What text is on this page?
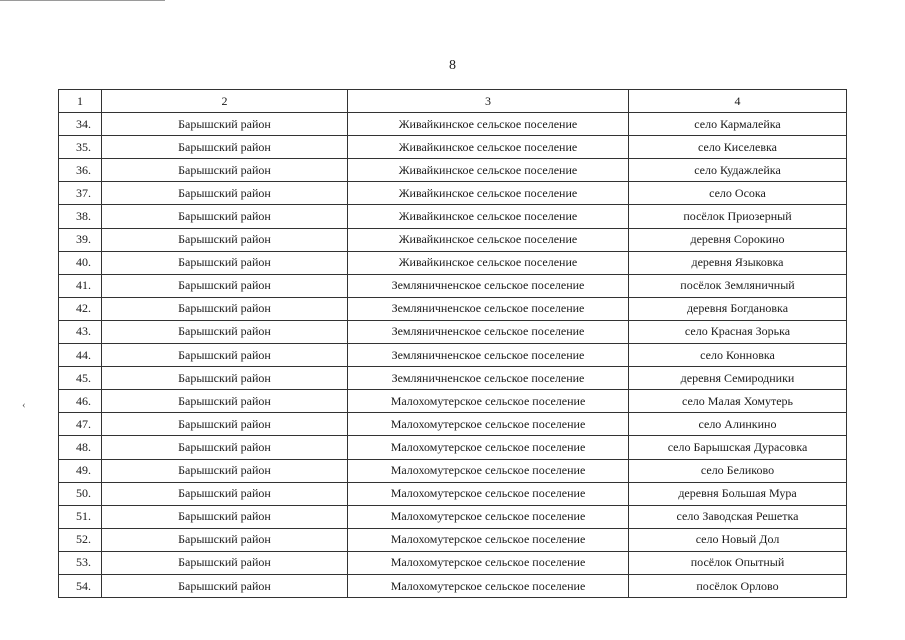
‹
8
1	2	3	4
34.	Барышский район	Живайкинское сельское поселение	село Кармалейка
35.	Барышский район	Живайкинское сельское поселение	село Киселевка
36.	Барышский район	Живайкинское сельское поселение	село Кудажлейка
37.	Барышский район	Живайкинское сельское поселение	село Осока
38.	Барышский район	Живайкинское сельское поселение	посёлок Приозерный
39.	Барышский район	Живайкинское сельское поселение	деревня Сорокино
40.	Барышский район	Живайкинское сельское поселение	деревня Языковка
41.	Барышский район	Земляничненское сельское поселение	посёлок Земляничный
42.	Барышский район	Земляничненское сельское поселение	деревня Богдановка
43.	Барышский район	Земляничненское сельское поселение	село Красная Зорька
44.	Барышский район	Земляничненское сельское поселение	село Конновка
45.	Барышский район	Земляничненское сельское поселение	деревня Семиродники
46.	Барышский район	Малохомутерское сельское поселение	село Малая Хомутерь
47.	Барышский район	Малохомутерское сельское поселение	село Алинкино
48.	Барышский район	Малохомутерское сельское поселение	село Барышская Дурасовка
49.	Барышский район	Малохомутерское сельское поселение	село Беликово
50.	Барышский район	Малохомутерское сельское поселение	деревня Большая Мура
51.	Барышский район	Малохомутерское сельское поселение	село Заводская Решетка
52.	Барышский район	Малохомутерское сельское поселение	село Новый Дол
53.	Барышский район	Малохомутерское сельское поселение	посёлок Опытный
54.	Барышский район	Малохомутерское сельское поселение	посёлок Орлово
